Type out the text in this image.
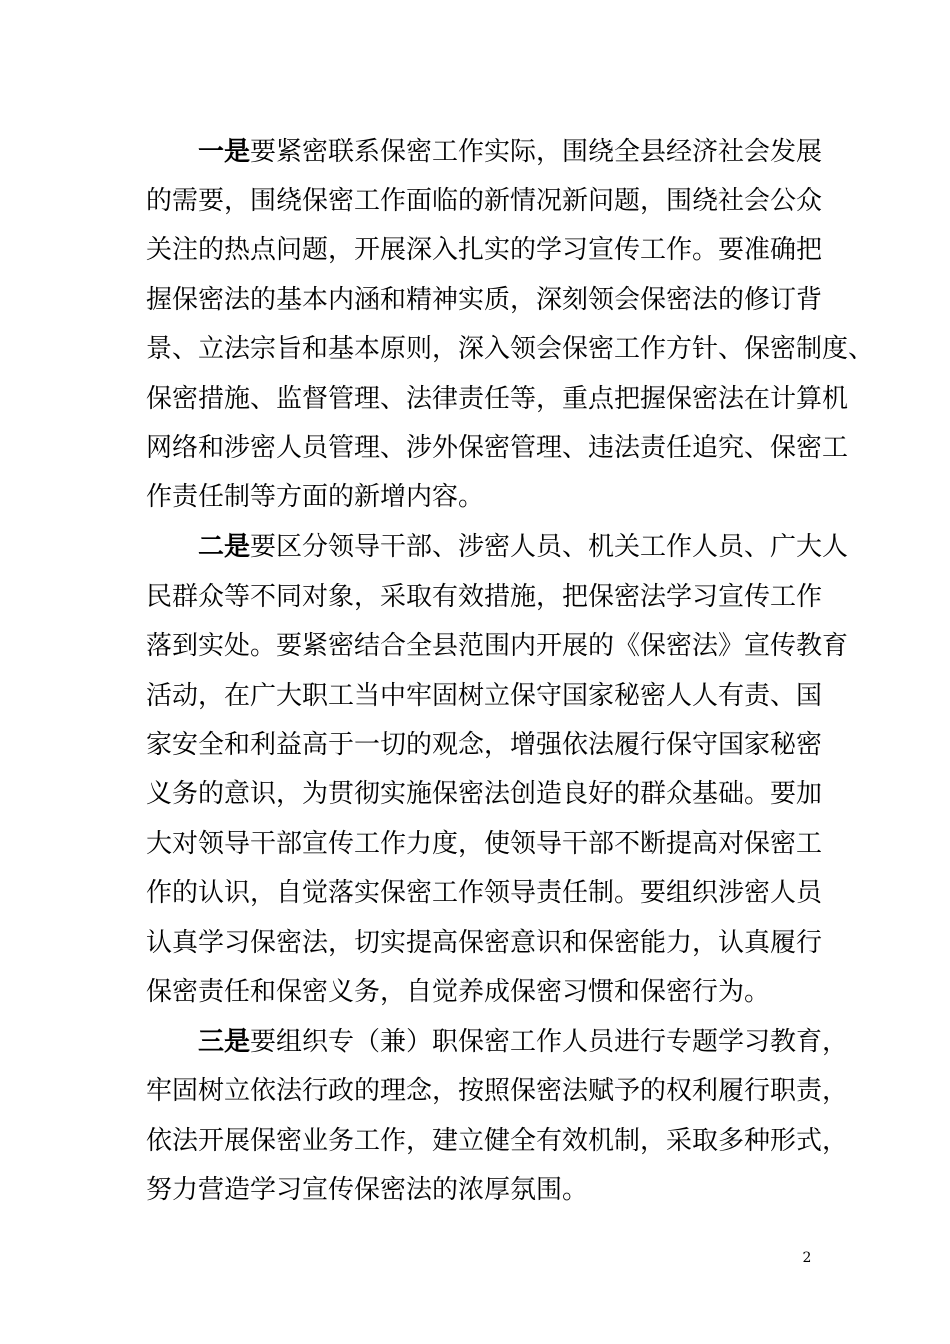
一是要紧密联系保密工作实际，围绕全县经济社会发展
的需要，围绕保密工作面临的新情况新问题，围绕社会公众
关注的热点问题，开展深入扎实的学习宣传工作。要准确把
握保密法的基本内涵和精神实质，深刻领会保密法的修订背
景、立法宗旨和基本原则，深入领会保密工作方针、保密制度、
保密措施、监督管理、法律责任等，重点把握保密法在计算机
网络和涉密人员管理、涉外保密管理、违法责任追究、保密工
作责任制等方面的新增内容。
二是要区分领导干部、涉密人员、机关工作人员、广大人
民群众等不同对象，采取有效措施，把保密法学习宣传工作
落到实处。要紧密结合全县范围内开展的《保密法》宣传教育
活动，在广大职工当中牢固树立保守国家秘密人人有责、国
家安全和利益高于一切的观念，增强依法履行保守国家秘密
义务的意识，为贯彻实施保密法创造良好的群众基础。要加
大对领导干部宣传工作力度，使领导干部不断提高对保密工
作的认识，自觉落实保密工作领导责任制。要组织涉密人员
认真学习保密法，切实提高保密意识和保密能力，认真履行
保密责任和保密义务，自觉养成保密习惯和保密行为。
三是要组织专（兼）职保密工作人员进行专题学习教育，
牢固树立依法行政的理念，按照保密法赋予的权利履行职责，
依法开展保密业务工作，建立健全有效机制，采取多种形式，
努力营造学习宣传保密法的浓厚氛围。
2
